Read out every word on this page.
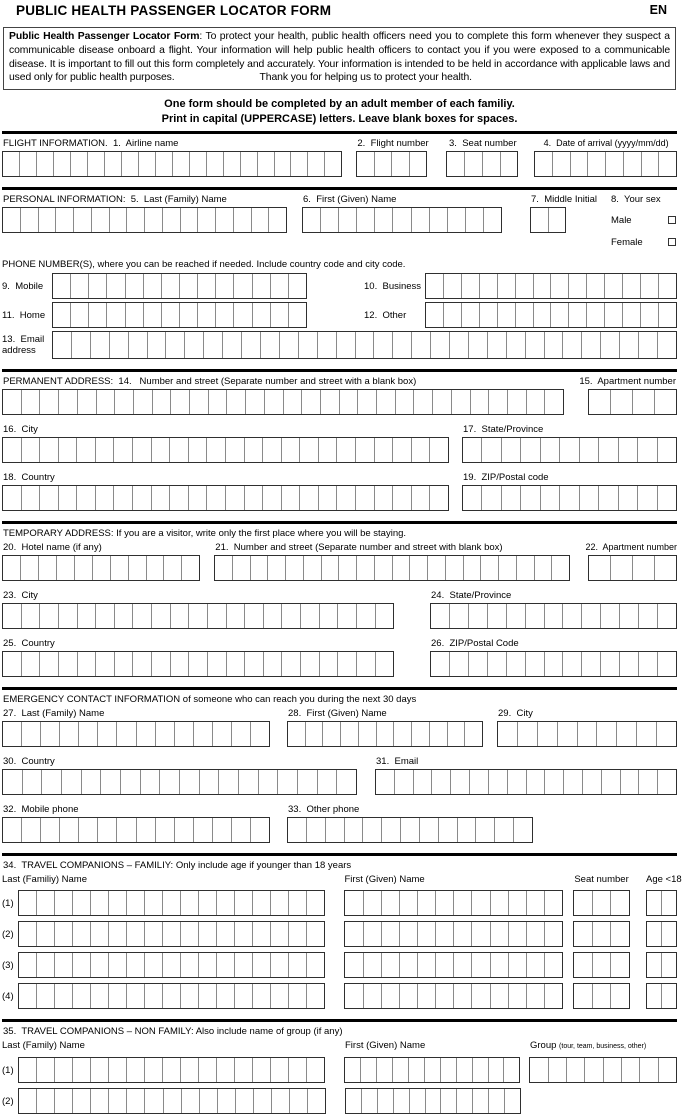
PUBLIC HEALTH PASSENGER LOCATOR FORM	EN
Public Health Passenger Locator Form: To protect your health, public health officers need you to complete this form whenever they suspect a communicable disease onboard a flight. Your information will help public health officers to contact you if you were exposed to a communicable disease. It is important to fill out this form completely and accurately. Your information is intended to be held in accordance with applicable laws and used only for public health purposes.	Thank you for helping us to protect your health.
One form should be completed by an adult member of each familiy.
Print in capital (UPPERCASE) letters. Leave blank boxes for spaces.
FLIGHT INFORMATION.  1.  Airline name	2.  Flight number 3.  Seat number	4.  Date of arrival (yyyy/mm/dd)
PERSONAL INFORMATION:  5.  Last (Family) Name	6.  First (Given) Name	7.  Middle Initial 8.  Your sex
Male
Female
PHONE NUMBER(S), where you can be reached if needed. Include country code and city code.
9.  Mobile	10.  Business
11.  Home	12.  Other
13.  Email address
PERMANENT ADDRESS:  14.   Number and street (Separate number and street with a blank box)	15.  Apartment number
16.  City	17.  State/Province
18.  Country	19.  ZIP/Postal code
TEMPORARY ADDRESS: If you are a visitor, write only the first place where you will be staying.
20.  Hotel name (if any)	21.  Number and street (Separate number and street with blank box)	22.  Apartment number
23.  City	24.  State/Province
25.  Country	26.  ZIP/Postal Code
EMERGENCY CONTACT INFORMATION of someone who can reach you during the next 30 days
27.  Last (Family) Name	28.  First (Given) Name	29.  City
30.  Country	31.  Email
32.  Mobile phone	33.  Other phone
34.  TRAVEL COMPANIONS – FAMILIY: Only include age if younger than 18 years
Last (Familiy) Name	First (Given) Name	Seat number Age <18
(1)
(2)
(3)
(4)
35.  TRAVEL COMPANIONS – NON FAMILY: Also include name of group (if any)
Last (Family) Name	First (Given) Name	Group (tour, team, business, other)
(1)
(2)
